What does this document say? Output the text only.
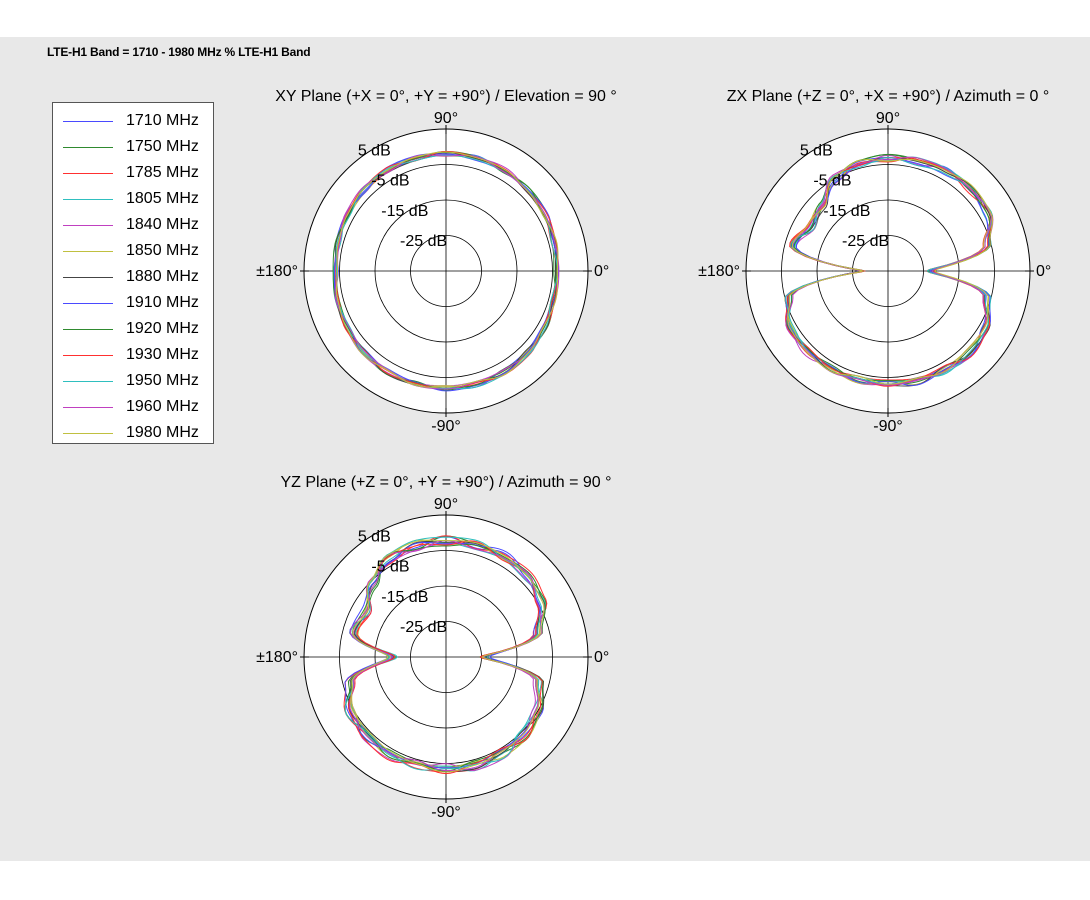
LTE-H1 Band = 1710 - 1980 MHz % LTE-H1 Band
1710 MHz
1750 MHz
1785 MHz
1805 MHz
1840 MHz
1850 MHz
1880 MHz
1910 MHz
1920 MHz
1930 MHz
1950 MHz
1960 MHz
1980 MHz
XY Plane (+X = 0°, +Y = +90°) / Elevation = 90 °
90°
-90°
±180°	0°
5 dB
-5 dB
-15 dB
-25 dB
ZX Plane (+Z = 0°, +X = +90°) / Azimuth = 0 °
90°
-90°
±180°	0°
5 dB
-5 dB
-15 dB
-25 dB
YZ Plane (+Z = 0°, +Y = +90°) / Azimuth = 90 °
90°
-90°
±180°	0°
5 dB
-5 dB
-15 dB
-25 dB
